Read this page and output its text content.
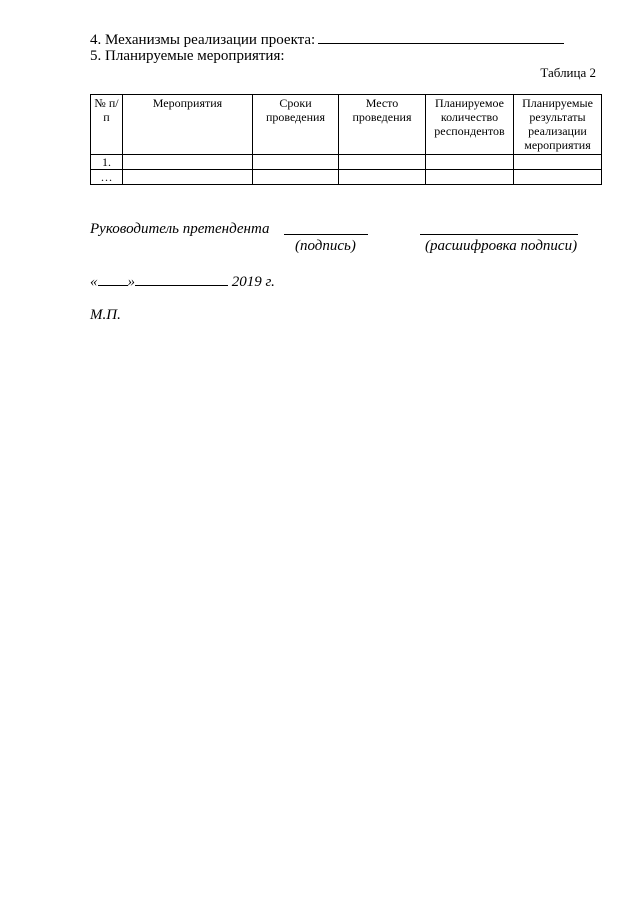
4. Механизмы реализации проекта:
5. Планируемые мероприятия:
Таблица 2
№ п/п	Мероприятия	Сроки проведения	Место проведения	Планируемое количество респондентов	Планируемые результаты реализации мероприятия
1.					
…					
Руководитель претендента
(подпись)	(расшифровка подписи)
« »	2019 г.
М.П.
